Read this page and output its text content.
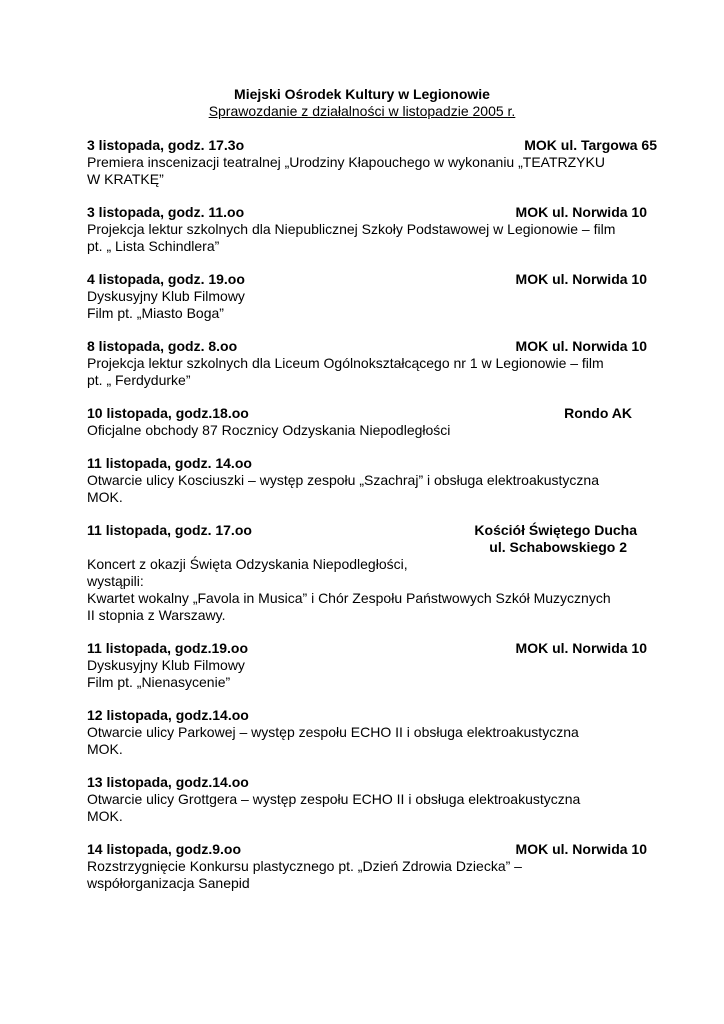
Miejski Ośrodek Kultury w Legionowie
Sprawozdanie z działalności w listopadzie 2005 r.
3 listopada, godz. 17.3o	MOK ul. Targowa 65
Premiera inscenizacji teatralnej „Urodziny Kłapouchego w wykonaniu „TEATRZYKU
W KRATKĘ”
3 listopada, godz. 11.oo	MOK ul. Norwida 10
Projekcja lektur szkolnych dla Niepublicznej Szkoły Podstawowej w Legionowie – film
pt. „ Lista Schindlera”
4 listopada, godz. 19.oo	MOK ul. Norwida 10
Dyskusyjny Klub Filmowy
Film pt. „Miasto Boga”
8 listopada, godz. 8.oo	MOK ul. Norwida 10
Projekcja lektur szkolnych dla Liceum Ogólnokształcącego nr 1 w Legionowie – film
pt. „ Ferdydurke”
10 listopada, godz.18.oo	Rondo AK
Oficjalne obchody 87 Rocznicy Odzyskania Niepodległości
11 listopada, godz. 14.oo
Otwarcie ulicy Kosciuszki – występ zespołu „Szachraj” i obsługa elektroakustyczna
MOK.
11 listopada, godz. 17.oo	Kościół Świętego Ducha
ul. Schabowskiego 2
Koncert z okazji Święta Odzyskania Niepodległości,
wystąpili:
Kwartet wokalny „Favola in Musica” i Chór Zespołu Państwowych Szkół Muzycznych
II stopnia z Warszawy.
11 listopada, godz.19.oo	MOK ul. Norwida 10
Dyskusyjny Klub Filmowy
Film pt. „Nienasycenie”
12 listopada, godz.14.oo
Otwarcie ulicy Parkowej – występ zespołu ECHO II i obsługa elektroakustyczna
MOK.
13 listopada, godz.14.oo
Otwarcie ulicy Grottgera – występ zespołu ECHO II i obsługa elektroakustyczna
MOK.
14 listopada, godz.9.oo	MOK ul. Norwida 10
Rozstrzygnięcie Konkursu plastycznego pt. „Dzień Zdrowia Dziecka” –
współorganizacja Sanepid
